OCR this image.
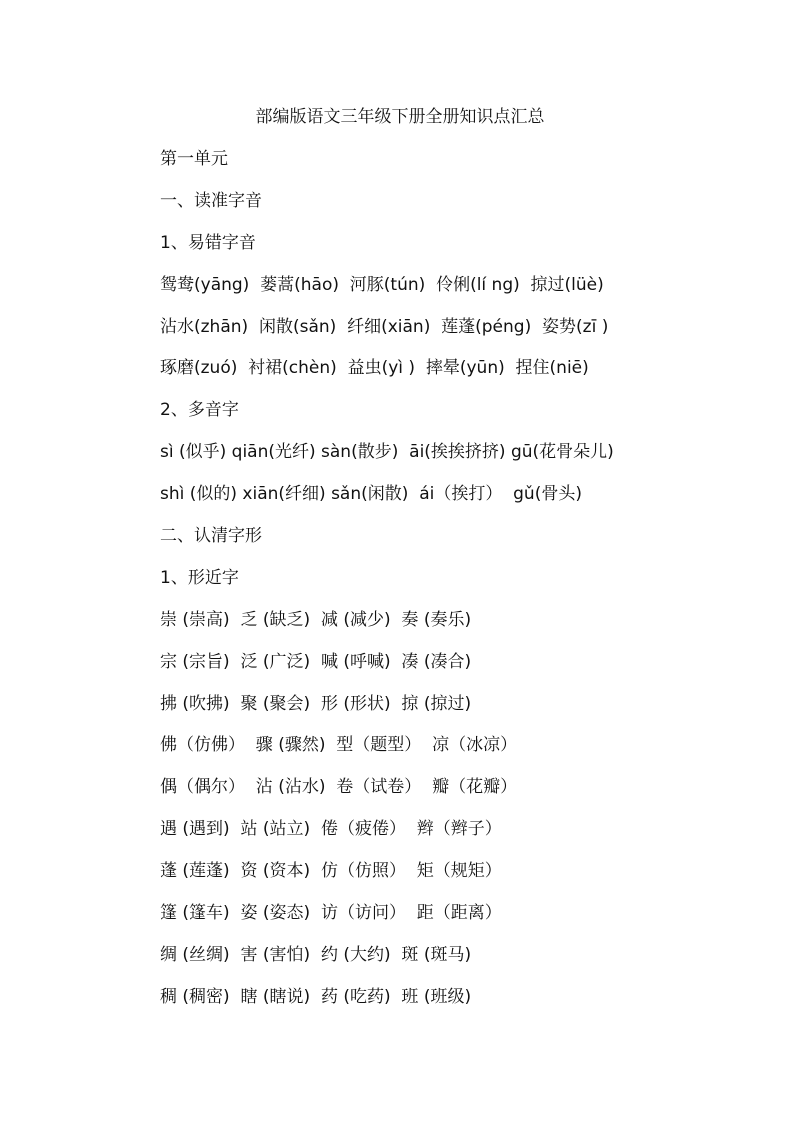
部编版语文三年级下册全册知识点汇总
第一单元
一、读准字音
1、易错字音
鸳鸯(yāng)  蒌蒿(hāo)  河豚(tún)  伶俐(lí ng)  掠过(lüè)
沾水(zhān)  闲散(sǎn)  纤细(xiān)  莲蓬(péng)  姿势(zī )
琢磨(zuó)  衬裙(chèn)  益虫(yì )  摔晕(yūn)  捏住(niē)
2、多音字
sì (似乎) qiān(光纤) sàn(散步)  āi(挨挨挤挤) gū(花骨朵儿)
shì (似的) xiān(纤细) sǎn(闲散)  ái（挨打）  gǔ(骨头)
二、认清字形
1、形近字
崇 (崇高)  乏 (缺乏)  减 (减少)  奏 (奏乐)
宗 (宗旨)  泛 (广泛)  喊 (呼喊)  凑 (凑合)
拂 (吹拂)  聚 (聚会)  形 (形状)  掠 (掠过)
佛（仿佛）  骤 (骤然)  型（题型）  凉（冰凉）
偶（偶尔）  沾 (沾水)  卷（试卷）  瓣（花瓣）
遇 (遇到)  站 (站立)  倦（疲倦）  辫（辫子）
蓬 (莲蓬)  资 (资本)  仿（仿照）  矩（规矩）
篷 (篷车)  姿 (姿态)  访（访问）  距（距离）
绸 (丝绸)  害 (害怕)  约 (大约)  斑 (斑马)
稠 (稠密)  瞎 (瞎说)  药 (吃药)  班 (班级)
